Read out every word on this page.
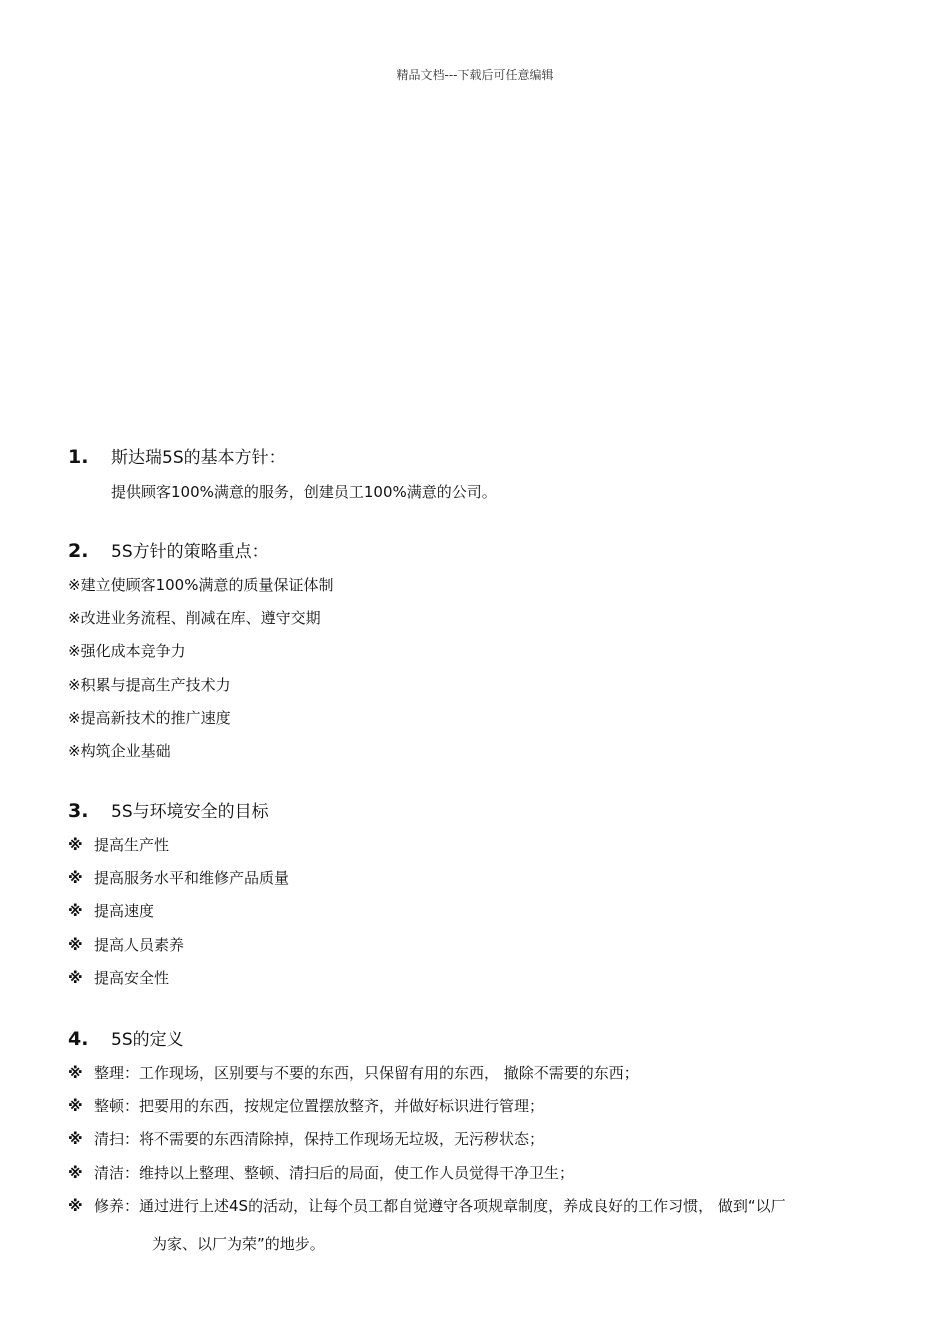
精品文档---下载后可任意编辑
1. 斯达瑞5S的基本方针：
提供顾客100%满意的服务，创建员工100%满意的公司。
2. 5S方针的策略重点：
※建立使顾客100%满意的质量保证体制
※改进业务流程、削减在库、遵守交期
※强化成本竞争力
※积累与提高生产技术力
※提高新技术的推广速度
※构筑企业基础
3. 5S与环境安全的目标
※ 提高生产性
※ 提高服务水平和维修产品质量
※ 提高速度
※ 提高人员素养
※ 提高安全性
4. 5S的定义
※ 整理：工作现场，区别要与不要的东西，只保留有用的东西， 撤除不需要的东西；
※ 整顿：把要用的东西，按规定位置摆放整齐，并做好标识进行管理；
※ 清扫：将不需要的东西清除掉，保持工作现场无垃圾，无污秽状态；
※ 清洁：维持以上整理、整顿、清扫后的局面，使工作人员觉得干净卫生；
※ 修养：通过进行上述4S的活动，让每个员工都自觉遵守各项规章制度，养成良好的工作习惯， 做到“以厂
为家、以厂为荣”的地步。
